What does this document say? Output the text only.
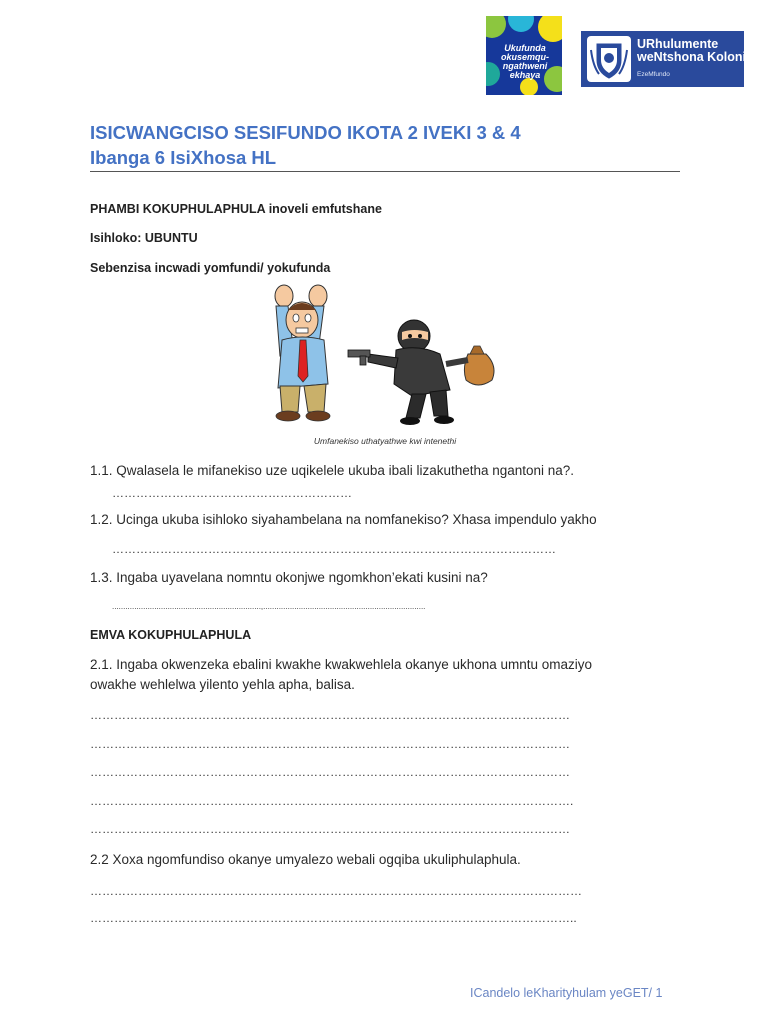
Ukufunda
okusemqu-
ngathweni
ekhaya
URhulumente
weNtshona Koloni
EzeMfundo
ISICWANGCISO SESIFUNDO IKOTA 2 IVEKI 3 & 4
Ibanga 6 IsiXhosa HL
PHAMBI KOKUPHULAPHULA inoveli emfutshane
Isihloko: UBUNTU
Sebenzisa incwadi yomfundi/ yokufunda
Umfanekiso uthatyathwe kwi intenethi
1.1. Qwalasela le mifanekiso uze uqikelele ukuba ibali lizakuthetha ngantoni na?.
……………………………………………………
1.2. Ucinga ukuba isihloko siyahambelana na nomfanekiso? Xhasa impendulo yakho
…………………………………………………………………………………………………
1.3. Ingaba uyavelana nomntu okonjwe ngomkhon’ekati kusini na?
...................................................................,.........................................................................
EMVA KOKUPHULAPHULA
2.1. Ingaba okwenzeka ebalini kwakhe kwakwehlela okanye ukhona umntu omaziyo
owakhe wehlelwa yilento yehla apha, balisa.
…………………………………………………………………………………………………………
…………………………………………………………………………………………………………
…………………………………………………………………………………………………………
………………………………………………………………………………………………………….
…………………………………………………………………………………………………………
2.2 Xoxa ngomfundiso okanye umyalezo webali ogqiba ukuliphulaphula.
……………………………………………………………………………………………………………
…………………………………………………………………………………………………………..
ICandelo leKharityhulam yeGET/ 1
